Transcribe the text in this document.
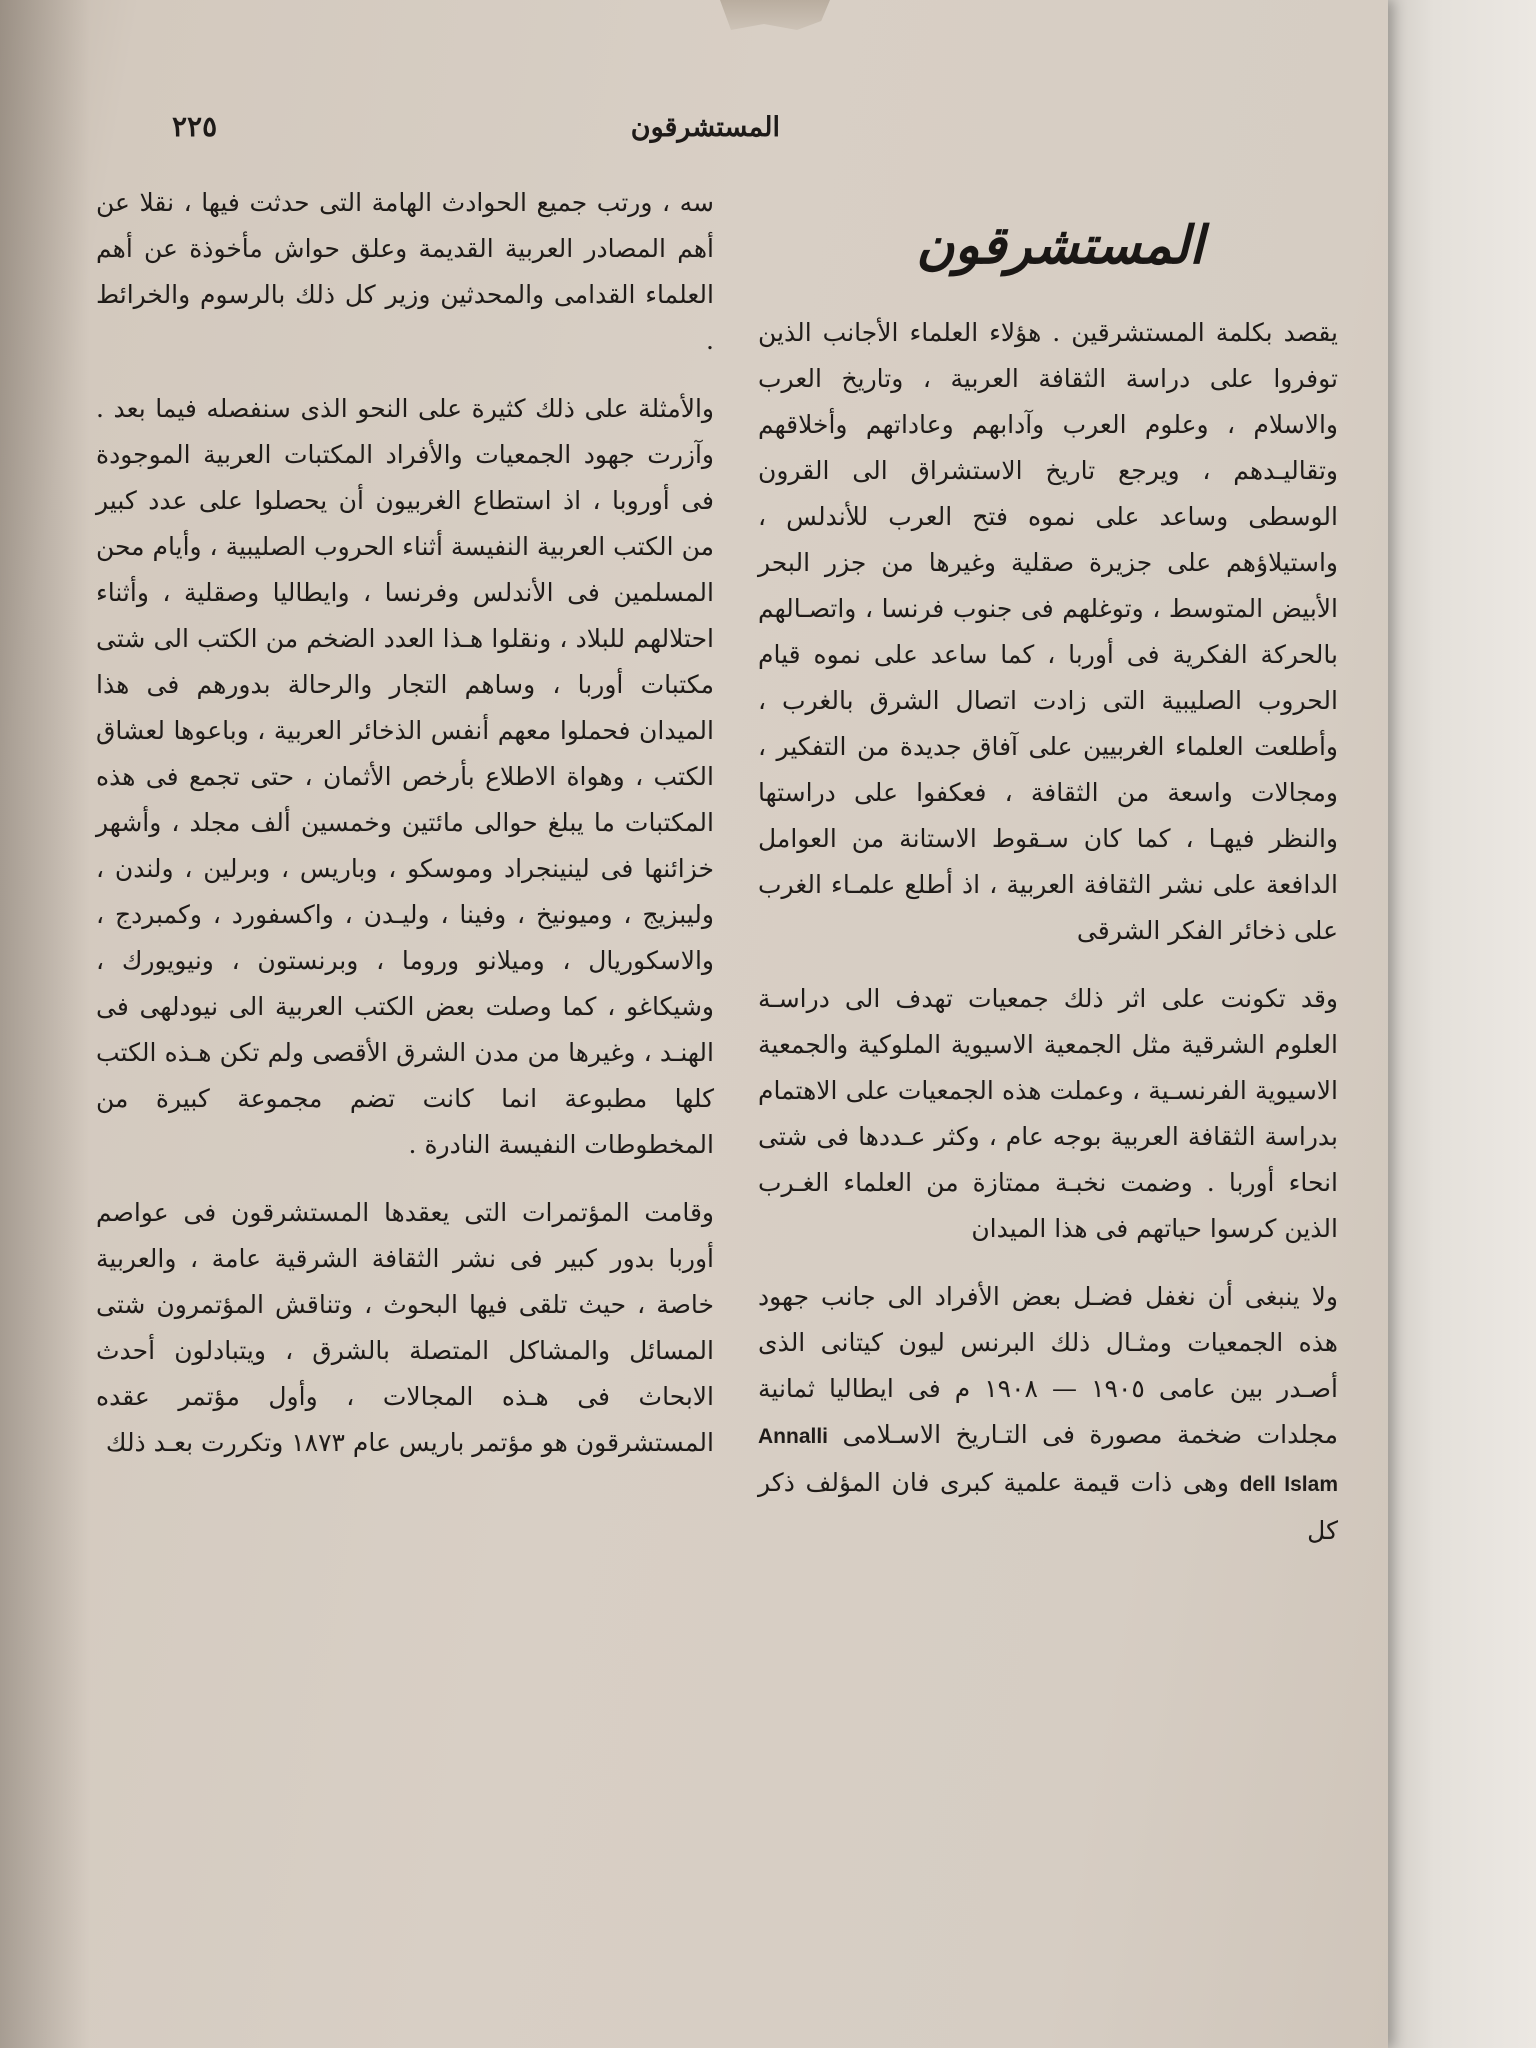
المستشرقون
٢٢٥
المستشرقون

سه ، ورتب جميع الحوادث الهامة التى حدثت فيها ، نقلا عن أهم المصادر العربية القديمة وعلق حواش مأخوذة عن أهم العلماء القدامى والمحدثين وزير كل ذلك بالرسوم والخرائط .

والأمثلة على ذلك كثيرة على النحو الذى سنفصله فيما بعد . وآزرت جهود الجمعيات والأفراد المكتبات العربية الموجودة فى أوروبا ، اذ استطاع الغربيون أن يحصلوا على عدد كبير من الكتب العربية النفيسة أثناء الحروب الصليبية ، وأيام محن المسلمين فى الأندلس وفرنسا ، وايطاليا وصقلية ، وأثناء احتلالهم للبلاد ، ونقلوا هـذا العدد الضخم من الكتب الى شتى مكتبات أوربا ، وساهم التجار والرحالة بدورهم فى هذا الميدان فحملوا معهم أنفس الذخائر العربية ، وباعوها لعشاق الكتب ، وهواة الاطلاع بأرخص الأثمان ، حتى تجمع فى هذه المكتبات ما يبلغ حوالى مائتين وخمسين ألف مجلد ، وأشهر خزائنها فى لينينجراد وموسكو ، وباريس ، وبرلين ، ولندن ، وليبزيج ، وميونيخ ، وفينا ، وليـدن ، واكسفورد ، وكمبردج ، والاسكوريال ، وميلانو وروما ، وبرنستون ، ونيويورك ، وشيكاغو ، كما وصلت بعض الكتب العربية الى نيودلهى فى الهنـد ، وغيرها من مدن الشرق الأقصى ولم تكن هـذه الكتب كلها مطبوعة انما كانت تضم مجموعة كبيرة من المخطوطات النفيسة النادرة .

وقامت المؤتمرات التى يعقدها المستشرقون فى عواصم أوربا بدور كبير فى نشر الثقافة الشرقية عامة ، والعربية خاصة ، حيث تلقى فيها البحوث ، وتناقش المؤتمرون شتى المسائل والمشاكل المتصلة بالشرق ، ويتبادلون أحدث الابحاث فى هـذه المجالات ، وأول مؤتمر عقده المستشرقون هو مؤتمر باريس عام ١٨٧٣ وتكررت بعـد ذلك

يقصد بكلمة المستشرقين . هؤلاء العلماء الأجانب الذين توفروا على دراسة الثقافة العربية ، وتاريخ العرب والاسلام ، وعلوم العرب وآدابهم وعاداتهم وأخلاقهم وتقاليـدهم ، ويرجع تاريخ الاستشراق الى القرون الوسطى وساعد على نموه فتح العرب للأندلس ، واستيلاؤهم على جزيرة صقلية وغيرها من جزر البحر الأبيض المتوسط ، وتوغلهم فى جنوب فرنسا ، واتصـالهم بالحركة الفكرية فى أوربا ، كما ساعد على نموه قيام الحروب الصليبية التى زادت اتصال الشرق بالغرب ، وأطلعت العلماء الغربيين على آفاق جديدة من التفكير ، ومجالات واسعة من الثقافة ، فعكفوا على دراستها والنظر فيهـا ، كما كان سـقوط الاستانة من العوامل الدافعة على نشر الثقافة العربية ، اذ أطلع علمـاء الغرب على ذخائر الفكر الشرقى

وقد تكونت على اثر ذلك جمعيات تهدف الى دراسـة العلوم الشرقية مثل الجمعية الاسيوية الملوكية والجمعية الاسيوية الفرنسـية ، وعملت هذه الجمعيات على الاهتمام بدراسة الثقافة العربية بوجه عام ، وكثر عـددها فى شتى انحاء أوربا . وضمت نخبـة ممتازة من العلماء الغـرب الذين كرسوا حياتهم فى هذا الميدان

ولا ينبغى أن نغفل فضـل بعض الأفراد الى جانب جهود هذه الجمعيات ومثـال ذلك البرنس ليون كيتانى الذى أصـدر بين عامى ١٩٠٥ — ١٩٠٨ م فى ايطاليا ثمانية مجلدات ضخمة مصورة فى التـاريخ الاسـلامى Annalli dell Islam وهى ذات قيمة علمية كبرى فان المؤلف ذكر كل
